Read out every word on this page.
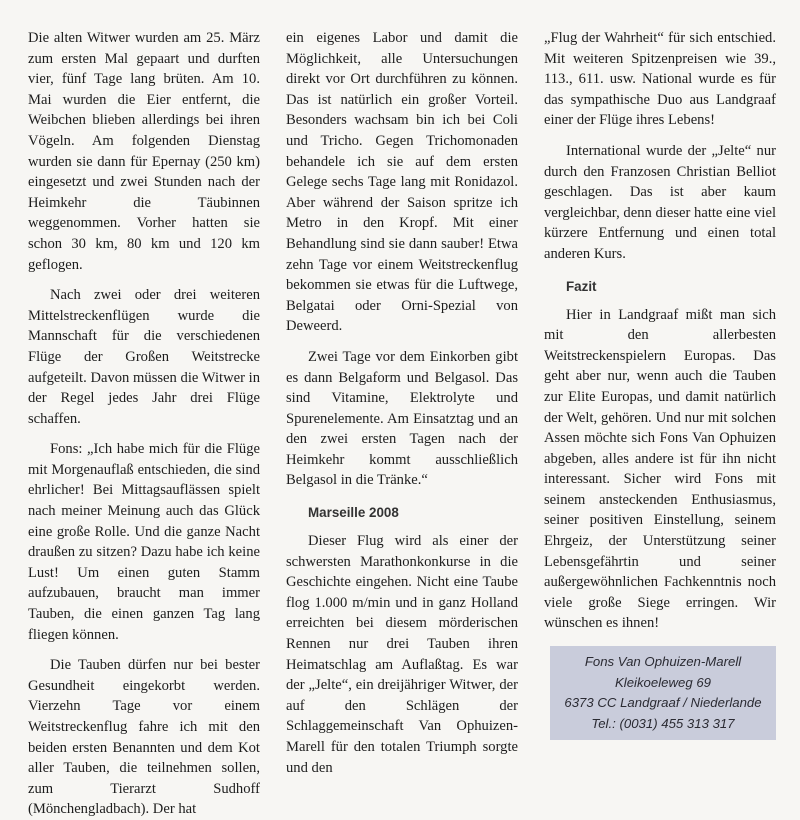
Die alten Witwer wurden am 25. März zum ersten Mal gepaart und durften vier, fünf Tage lang brüten. Am 10. Mai wurden die Eier entfernt, die Weibchen blieben allerdings bei ihren Vögeln. Am folgenden Dienstag wurden sie dann für Epernay (250 km) eingesetzt und zwei Stunden nach der Heimkehr die Täubinnen weggenommen. Vorher hatten sie schon 30 km, 80 km und 120 km geflogen.

Nach zwei oder drei weiteren Mittelstreckenflügen wurde die Mannschaft für die verschiedenen Flüge der Großen Weitstrecke aufgeteilt. Davon müssen die Witwer in der Regel jedes Jahr drei Flüge schaffen.

Fons: „Ich habe mich für die Flüge mit Morgenauflaß entschieden, die sind ehrlicher! Bei Mittagsauflässen spielt nach meiner Meinung auch das Glück eine große Rolle. Und die ganze Nacht draußen zu sitzen? Dazu habe ich keine Lust! Um einen guten Stamm aufzubauen, braucht man immer Tauben, die einen ganzen Tag lang fliegen können.

Die Tauben dürfen nur bei bester Gesundheit eingekorbt werden. Vierzehn Tage vor einem Weitstreckenflug fahre ich mit den beiden ersten Benannten und dem Kot aller Tauben, die teilnehmen sollen, zum Tierarzt Sudhoff (Mönchengladbach). Der hat

ein eigenes Labor und damit die Möglichkeit, alle Untersuchungen direkt vor Ort durchführen zu können. Das ist natürlich ein großer Vorteil. Besonders wachsam bin ich bei Coli und Tricho. Gegen Trichomonaden behandele ich sie auf dem ersten Gelege sechs Tage lang mit Ronidazol. Aber während der Saison spritze ich Metro in den Kropf. Mit einer Behandlung sind sie dann sauber! Etwa zehn Tage vor einem Weitstreckenflug bekommen sie etwas für die Luftwege, Belgatai oder Orni-Spezial von Deweerd.

Zwei Tage vor dem Einkorben gibt es dann Belgaform und Belgasol. Das sind Vitamine, Elektrolyte und Spurenelemente. Am Einsatztag und an den zwei ersten Tagen nach der Heimkehr kommt ausschließlich Belgasol in die Tränke.“

Marseille 2008

Dieser Flug wird als einer der schwersten Marathonkonkurse in die Geschichte eingehen. Nicht eine Taube flog 1.000 m/min und in ganz Holland erreichten bei diesem mörderischen Rennen nur drei Tauben ihren Heimatschlag am Auflaßtag. Es war der „Jelte“, ein dreijähriger Witwer, der auf den Schlägen der Schlaggemeinschaft Van Ophuizen-Marell für den totalen Triumph sorgte und den

„Flug der Wahrheit“ für sich entschied. Mit weiteren Spitzenpreisen wie 39., 113., 611. usw. National wurde es für das sympathische Duo aus Landgraaf einer der Flüge ihres Lebens!

International wurde der „Jelte“ nur durch den Franzosen Christian Belliot geschlagen. Das ist aber kaum vergleichbar, denn dieser hatte eine viel kürzere Entfernung und einen total anderen Kurs.

Fazit

Hier in Landgraaf mißt man sich mit den allerbesten Weitstreckenspielern Europas. Das geht aber nur, wenn auch die Tauben zur Elite Europas, und damit natürlich der Welt, gehören. Und nur mit solchen Assen möchte sich Fons Van Ophuizen abgeben, alles andere ist für ihn nicht interessant. Sicher wird Fons mit seinem ansteckenden Enthusiasmus, seiner positiven Einstellung, seinem Ehrgeiz, der Unterstützung seiner Lebensgefährtin und seiner außergewöhnlichen Fachkenntnis noch viele große Siege erringen. Wir wünschen es ihnen!

Fons Van Ophuizen-Marell
Kleikoeleweg 69
6373 CC Landgraaf / Niederlande
Tel.: (0031) 455 313 317
